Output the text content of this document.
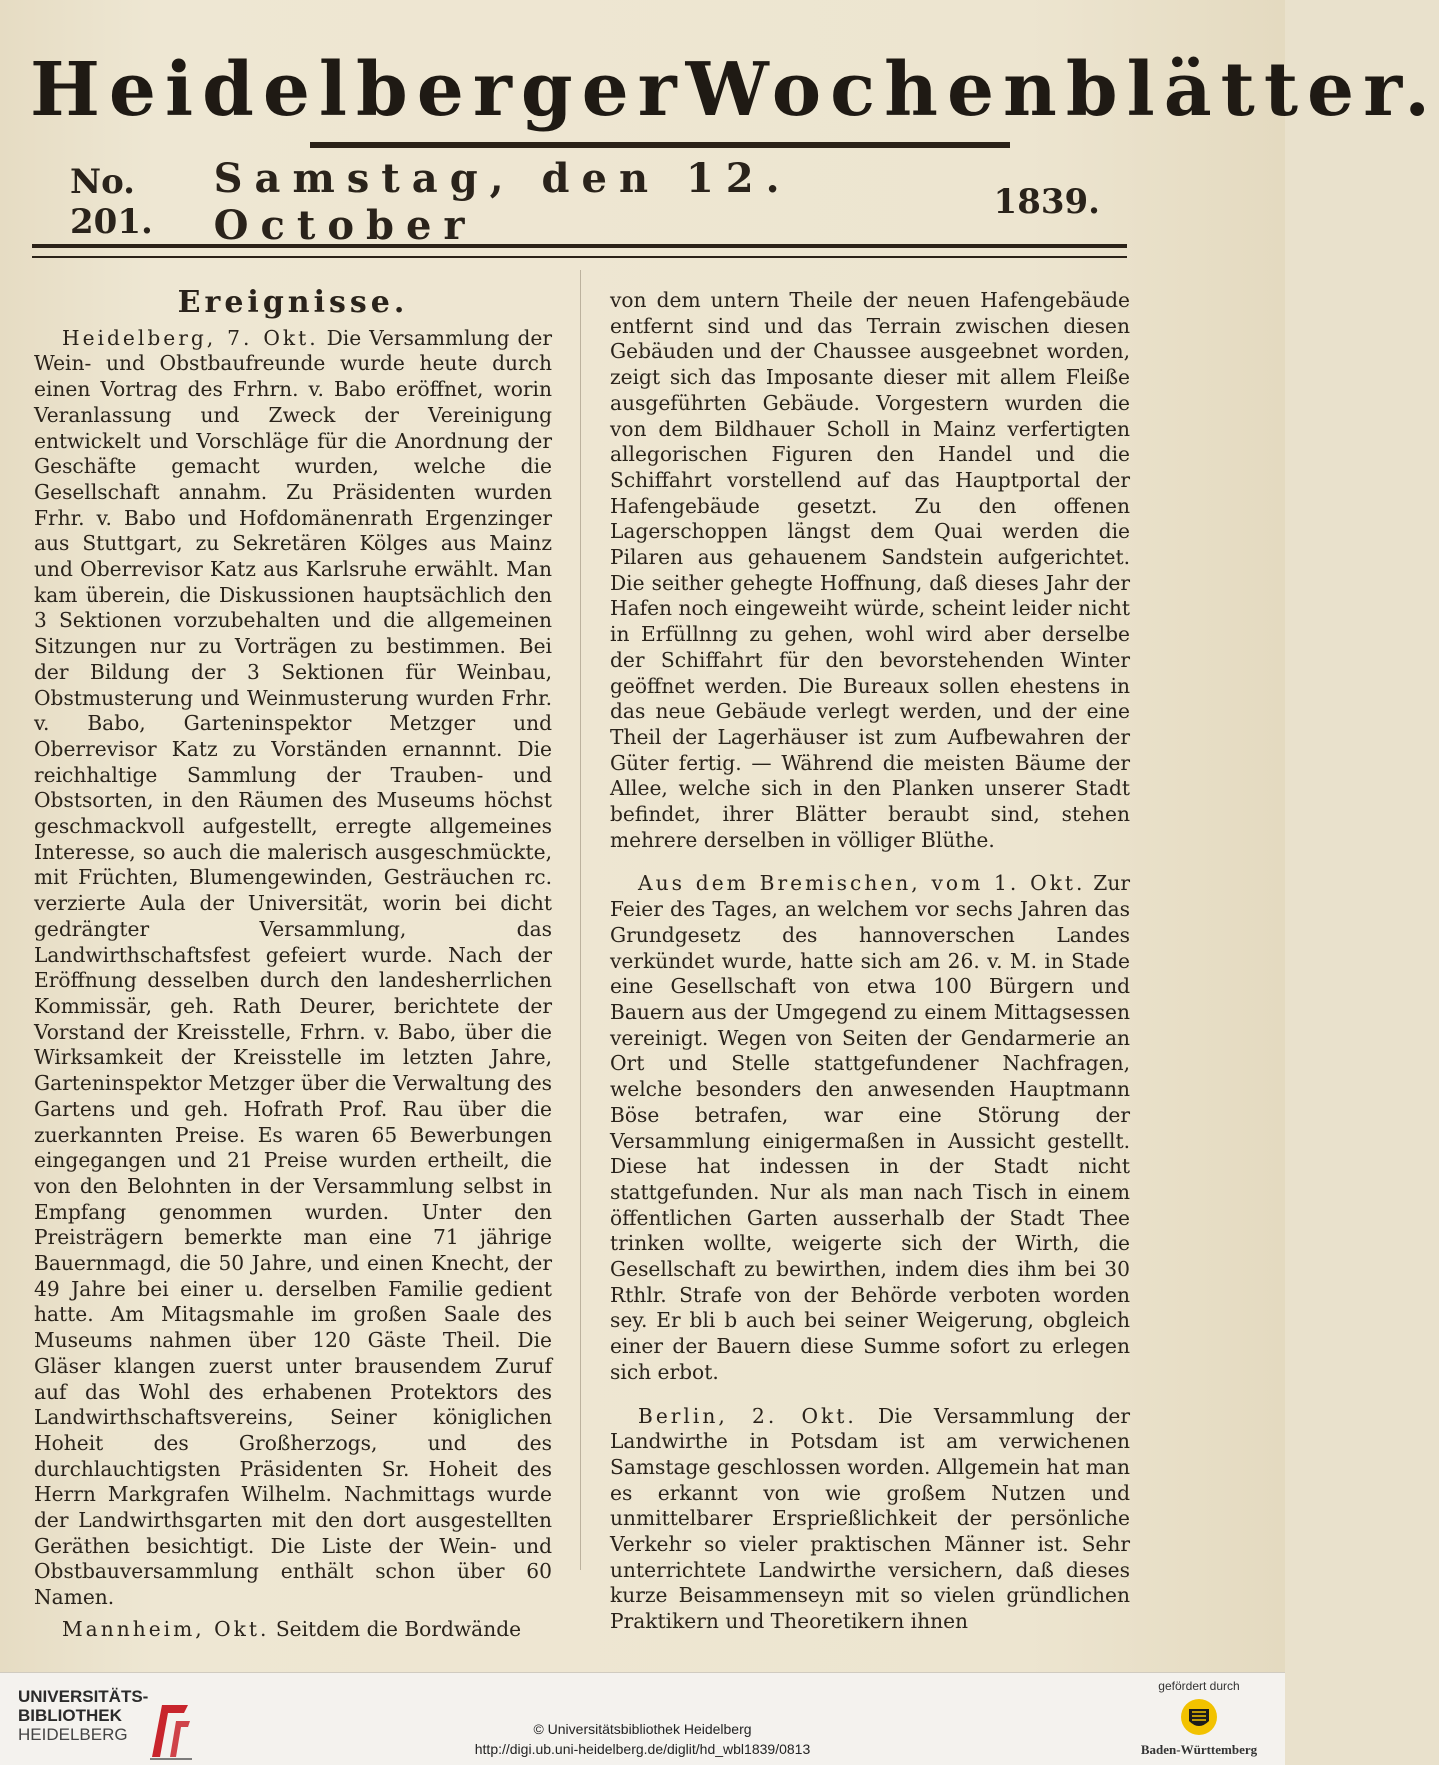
Heidelberger Wochenblätter.
No. 201.
Samstag, den 12. October	1839.
Ereignisse.

Heidelberg, 7. Okt. Die Versammlung der Wein- und Obstbaufreunde wurde heute durch einen Vortrag des Frhrn. v. Babo eröffnet, worin Veranlassung und Zweck der Vereinigung entwickelt und Vorschläge für die Anordnung der Geschäfte gemacht wurden, welche die Gesellschaft annahm. Zu Präsidenten wurden Frhr. v. Babo und Hofdomänenrath Ergenzinger aus Stuttgart, zu Sekretären Kölges aus Mainz und Oberrevisor Katz aus Karlsruhe erwählt. Man kam überein, die Diskussionen hauptsächlich den 3 Sektionen vorzubehalten und die allgemeinen Sitzungen nur zu Vorträgen zu bestimmen. Bei der Bildung der 3 Sektionen für Weinbau, Obstmusterung und Weinmusterung wurden Frhr. v. Babo, Garteninspektor Metzger und Oberrevisor Katz zu Vorständen ernannnt. Die reichhaltige Sammlung der Trauben- und Obstsorten, in den Räumen des Museums höchst geschmackvoll aufgestellt, erregte allgemeines Interesse, so auch die malerisch ausgeschmückte, mit Früchten, Blumengewinden, Gesträuchen rc. verzierte Aula der Universität, worin bei dicht gedrängter Versammlung, das Landwirthschaftsfest gefeiert wurde. Nach der Eröffnung desselben durch den landesherrlichen Kommissär, geh. Rath Deurer, berichtete der Vorstand der Kreisstelle, Frhrn. v. Babo, über die Wirksamkeit der Kreisstelle im letzten Jahre, Garteninspektor Metzger über die Verwaltung des Gartens und geh. Hofrath Prof. Rau über die zuerkannten Preise. Es waren 65 Bewerbungen eingegangen und 21 Preise wurden ertheilt, die von den Belohnten in der Versammlung selbst in Empfang genommen wurden. Unter den Preisträgern bemerkte man eine 71 jährige Bauernmagd, die 50 Jahre, und einen Knecht, der 49 Jahre bei einer u. derselben Familie gedient hatte. Am Mitagsmahle im großen Saale des Museums nahmen über 120 Gäste Theil. Die Gläser klangen zuerst unter brausendem Zuruf auf das Wohl des erhabenen Protektors des Landwirthschaftsvereins, Seiner königlichen Hoheit des Großherzogs, und des durchlauchtigsten Präsidenten Sr. Hoheit des Herrn Markgrafen Wilhelm. Nachmittags wurde der Landwirthsgarten mit den dort ausgestellten Geräthen besichtigt. Die Liste der Wein- und Obstbauversammlung enthält schon über 60 Namen.

Mannheim, Okt. Seitdem die Bordwände

von dem untern Theile der neuen Hafengebäude entfernt sind und das Terrain zwischen diesen Gebäuden und der Chaussee ausgeebnet worden, zeigt sich das Imposante dieser mit allem Fleiße ausgeführten Gebäude. Vorgestern wurden die von dem Bildhauer Scholl in Mainz verfertigten allegorischen Figuren den Handel und die Schiffahrt vorstellend auf das Hauptportal der Hafengebäude gesetzt. Zu den offenen Lagerschoppen längst dem Quai werden die Pilaren aus gehauenem Sandstein aufgerichtet. Die seither gehegte Hoffnung, daß dieses Jahr der Hafen noch eingeweiht würde, scheint leider nicht in Erfüllnng zu gehen, wohl wird aber derselbe der Schiffahrt für den bevorstehenden Winter geöffnet werden. Die Bureaux sollen ehestens in das neue Gebäude verlegt werden, und der eine Theil der Lagerhäuser ist zum Aufbewahren der Güter fertig. — Während die meisten Bäume der Allee, welche sich in den Planken unserer Stadt befindet, ihrer Blätter beraubt sind, stehen mehrere derselben in völliger Blüthe.

Aus dem Bremischen, vom 1. Okt. Zur Feier des Tages, an welchem vor sechs Jahren das Grundgesetz des hannoverschen Landes verkündet wurde, hatte sich am 26. v. M. in Stade eine Gesellschaft von etwa 100 Bürgern und Bauern aus der Umgegend zu einem Mittagsessen vereinigt. Wegen von Seiten der Gendarmerie an Ort und Stelle stattgefundener Nachfragen, welche besonders den anwesenden Hauptmann Böse betrafen, war eine Störung der Versammlung einigermaßen in Aussicht gestellt. Diese hat indessen in der Stadt nicht stattgefunden. Nur als man nach Tisch in einem öffentlichen Garten ausserhalb der Stadt Thee trinken wollte, weigerte sich der Wirth, die Gesellschaft zu bewirthen, indem dies ihm bei 30 Rthlr. Strafe von der Behörde verboten worden sey. Er bli b auch bei seiner Weigerung, obgleich einer der Bauern diese Summe sofort zu erlegen sich erbot.

Berlin, 2. Okt. Die Versammlung der Landwirthe in Potsdam ist am verwichenen Samstage geschlossen worden. Allgemein hat man es erkannt von wie großem Nutzen und unmittelbarer Ersprießlichkeit der persönliche Verkehr so vieler praktischen Männer ist. Sehr unterrichtete Landwirthe versichern, daß dieses kurze Beisammenseyn mit so vielen gründlichen Praktikern und Theoretikern ihnen

UNIVERSITÄTS-
BIBLIOTHEK
HEIDELBERG	© Universitätsbibliothek Heidelberg
http://digi.ub.uni-heidelberg.de/diglit/hd_wbl1839/0813
gefördert durch
Baden-Württemberg
